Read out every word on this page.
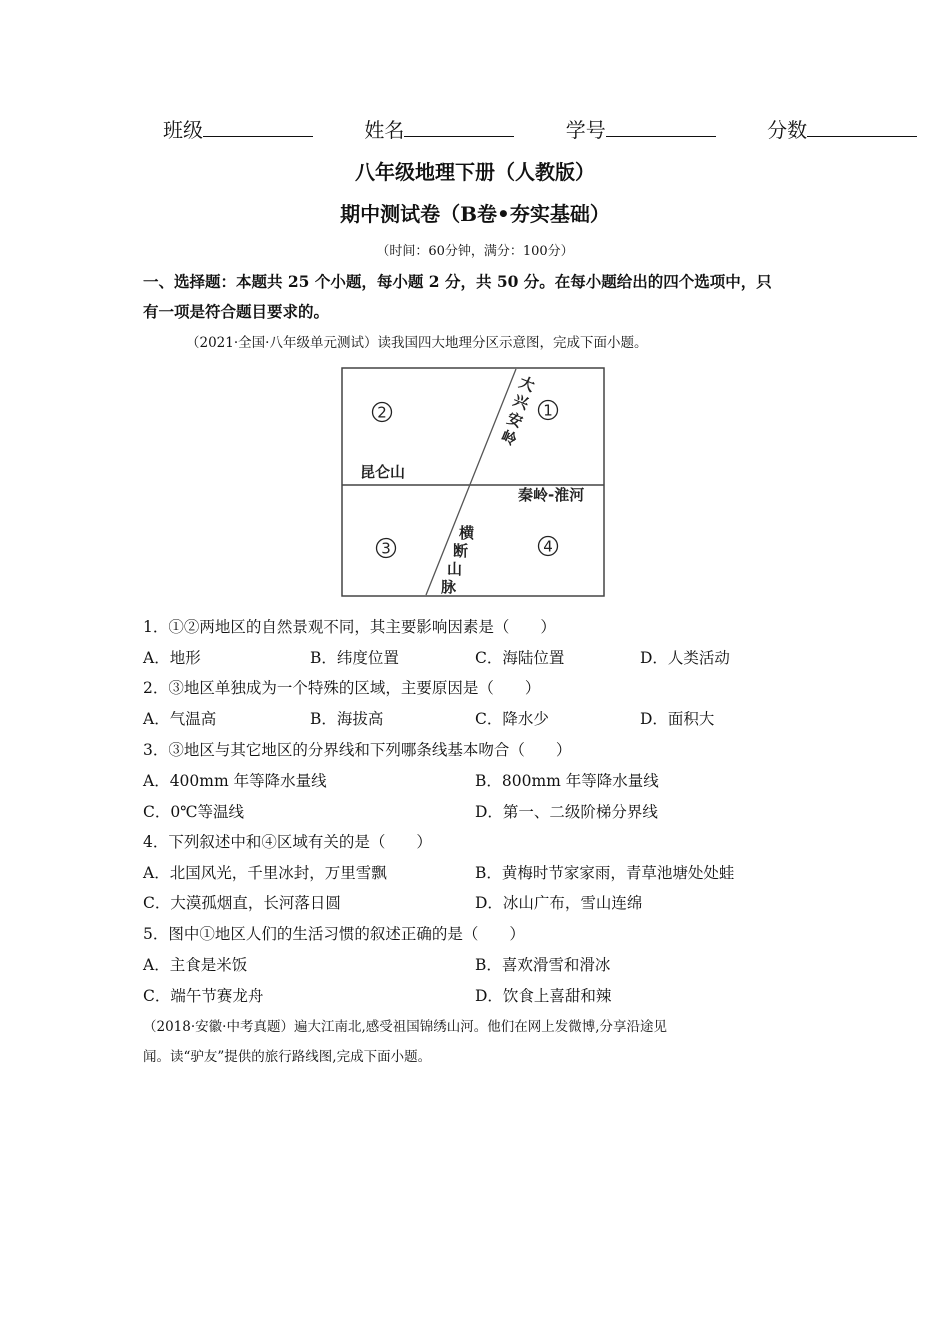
班级	姓名	学号	分数
八年级地理下册（人教版）
期中测试卷（B卷•夯实基础）
（时间：60分钟，满分：100分）
一、选择题：本题共 25 个小题，每小题 2 分，共 50 分。在每小题给出的四个选项中，只
有一项是符合题目要求的。
（2021·全国·八年级单元测试）读我国四大地理分区示意图，完成下面小题。
2	1
3	4
昆仑山
秦岭-淮河
大
兴
安
岭
横
断
山
脉
1．①②两地区的自然景观不同，其主要影响因素是（　　）
A．地形	B．纬度位置	C．海陆位置	D．人类活动
2．③地区单独成为一个特殊的区域，主要原因是（　　）
A．气温高	B．海拔高	C．降水少	D．面积大
3．③地区与其它地区的分界线和下列哪条线基本吻合（　　）
A．400mm 年等降水量线	B．800mm 年等降水量线
C．0℃等温线	D．第一、二级阶梯分界线
4．下列叙述中和④区域有关的是（　　）
A．北国风光，千里冰封，万里雪飘	B．黄梅时节家家雨，青草池塘处处蛙
C．大漠孤烟直，长河落日圆	D．冰山广布，雪山连绵
5．图中①地区人们的生活习惯的叙述正确的是（　　）
A．主食是米饭	B．喜欢滑雪和滑冰
C．端午节赛龙舟	D．饮食上喜甜和辣
（2018·安徽·中考真题）遍大江南北,感受祖国锦绣山河。他们在网上发微博,分享沿途见
闻。读“驴友”提供的旅行路线图,完成下面小题。
